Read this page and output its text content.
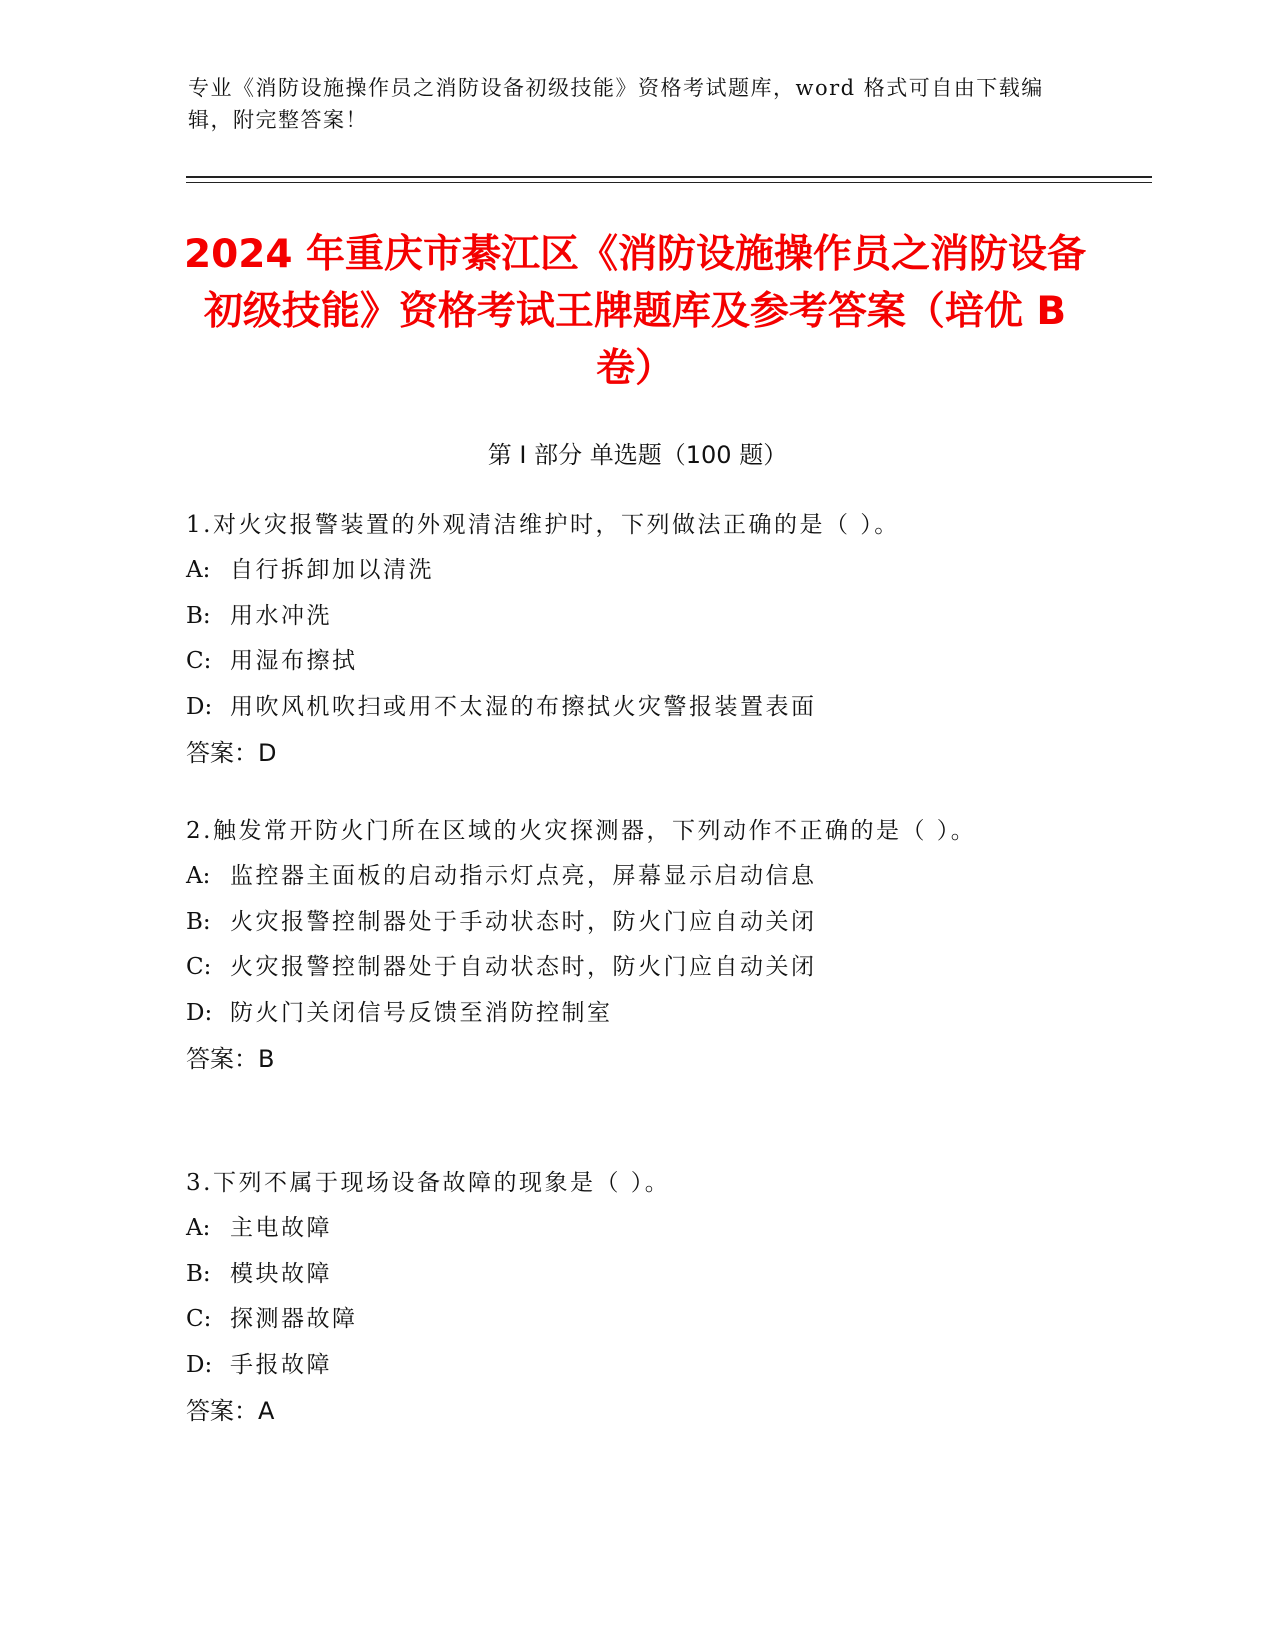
专业《消防设施操作员之消防设备初级技能》资格考试题库，word 格式可自由下载编辑，附完整答案！
2024 年重庆市綦江区《消防设施操作员之消防设备初级技能》资格考试王牌题库及参考答案（培优 B 卷）
第 I 部分 单选题（100 题）

1.对火灾报警装置的外观清洁维护时，下列做法正确的是（ ）。

A: 自行拆卸加以清洗

B: 用水冲洗

C: 用湿布擦拭

D: 用吹风机吹扫或用不太湿的布擦拭火灾警报装置表面

答案：D

2.触发常开防火门所在区域的火灾探测器，下列动作不正确的是（ ）。

A: 监控器主面板的启动指示灯点亮，屏幕显示启动信息

B: 火灾报警控制器处于手动状态时，防火门应自动关闭

C: 火灾报警控制器处于自动状态时，防火门应自动关闭

D: 防火门关闭信号反馈至消防控制室

答案：B

3.下列不属于现场设备故障的现象是（ ）。

A: 主电故障

B: 模块故障

C: 探测器故障

D: 手报故障

答案：A
